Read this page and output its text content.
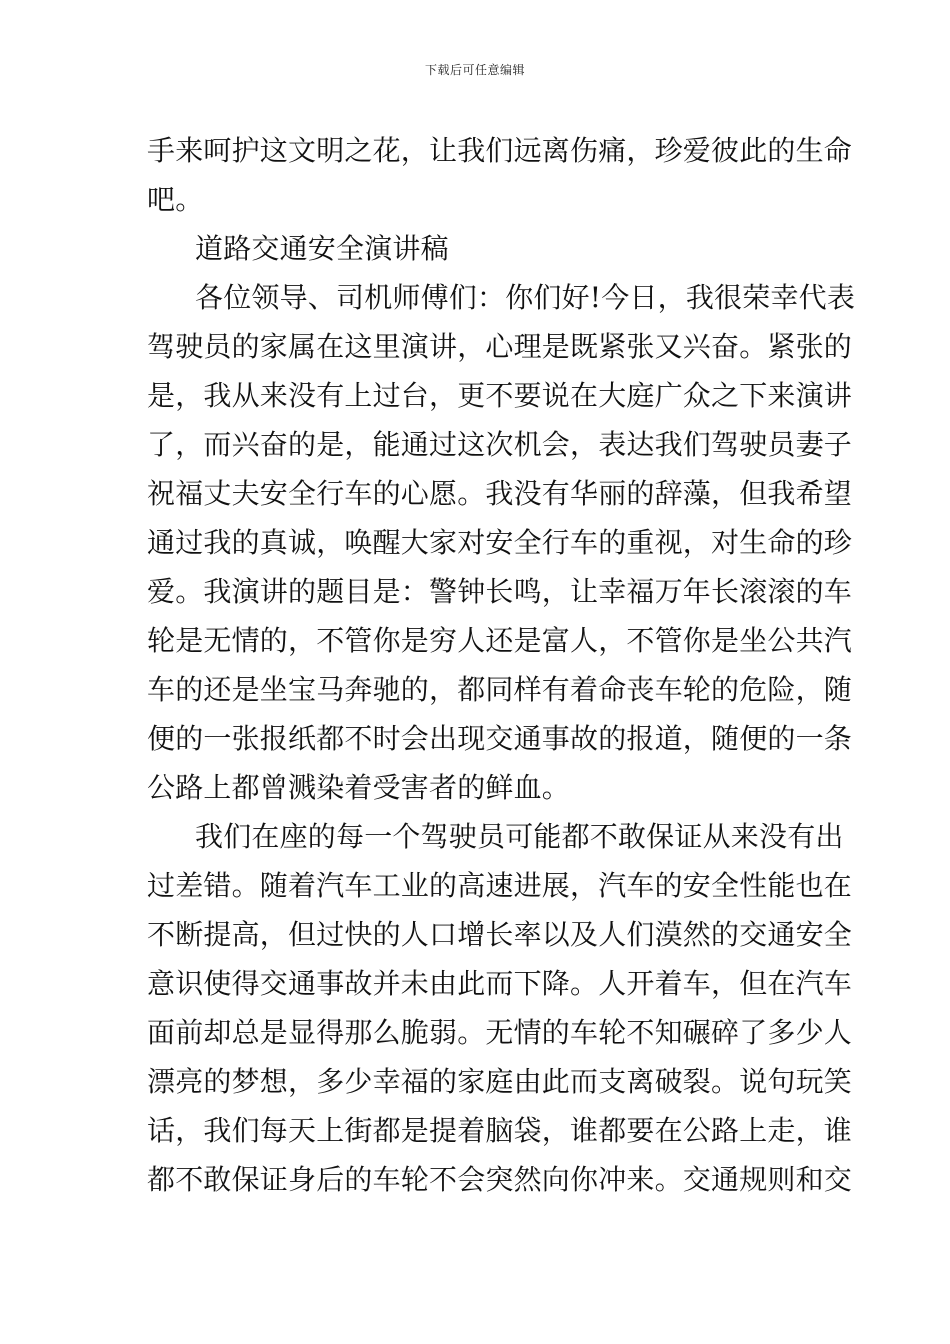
下载后可任意编辑
手来呵护这文明之花，让我们远离伤痛，珍爱彼此的生命
吧。
道路交通安全演讲稿
各位领导、司机师傅们：你们好!今日，我很荣幸代表
驾驶员的家属在这里演讲，心理是既紧张又兴奋。紧张的
是，我从来没有上过台，更不要说在大庭广众之下来演讲
了，而兴奋的是，能通过这次机会，表达我们驾驶员妻子
祝福丈夫安全行车的心愿。我没有华丽的辞藻，但我希望
通过我的真诚，唤醒大家对安全行车的重视，对生命的珍
爱。我演讲的题目是：警钟长鸣，让幸福万年长滚滚的车
轮是无情的，不管你是穷人还是富人，不管你是坐公共汽
车的还是坐宝马奔驰的，都同样有着命丧车轮的危险，随
便的一张报纸都不时会出现交通事故的报道，随便的一条
公路上都曾溅染着受害者的鲜血。
我们在座的每一个驾驶员可能都不敢保证从来没有出
过差错。随着汽车工业的高速进展，汽车的安全性能也在
不断提高，但过快的人口增长率以及人们漠然的交通安全
意识使得交通事故并未由此而下降。人开着车，但在汽车
面前却总是显得那么脆弱。无情的车轮不知碾碎了多少人
漂亮的梦想，多少幸福的家庭由此而支离破裂。说句玩笑
话，我们每天上街都是提着脑袋，谁都要在公路上走，谁
都不敢保证身后的车轮不会突然向你冲来。交通规则和交
